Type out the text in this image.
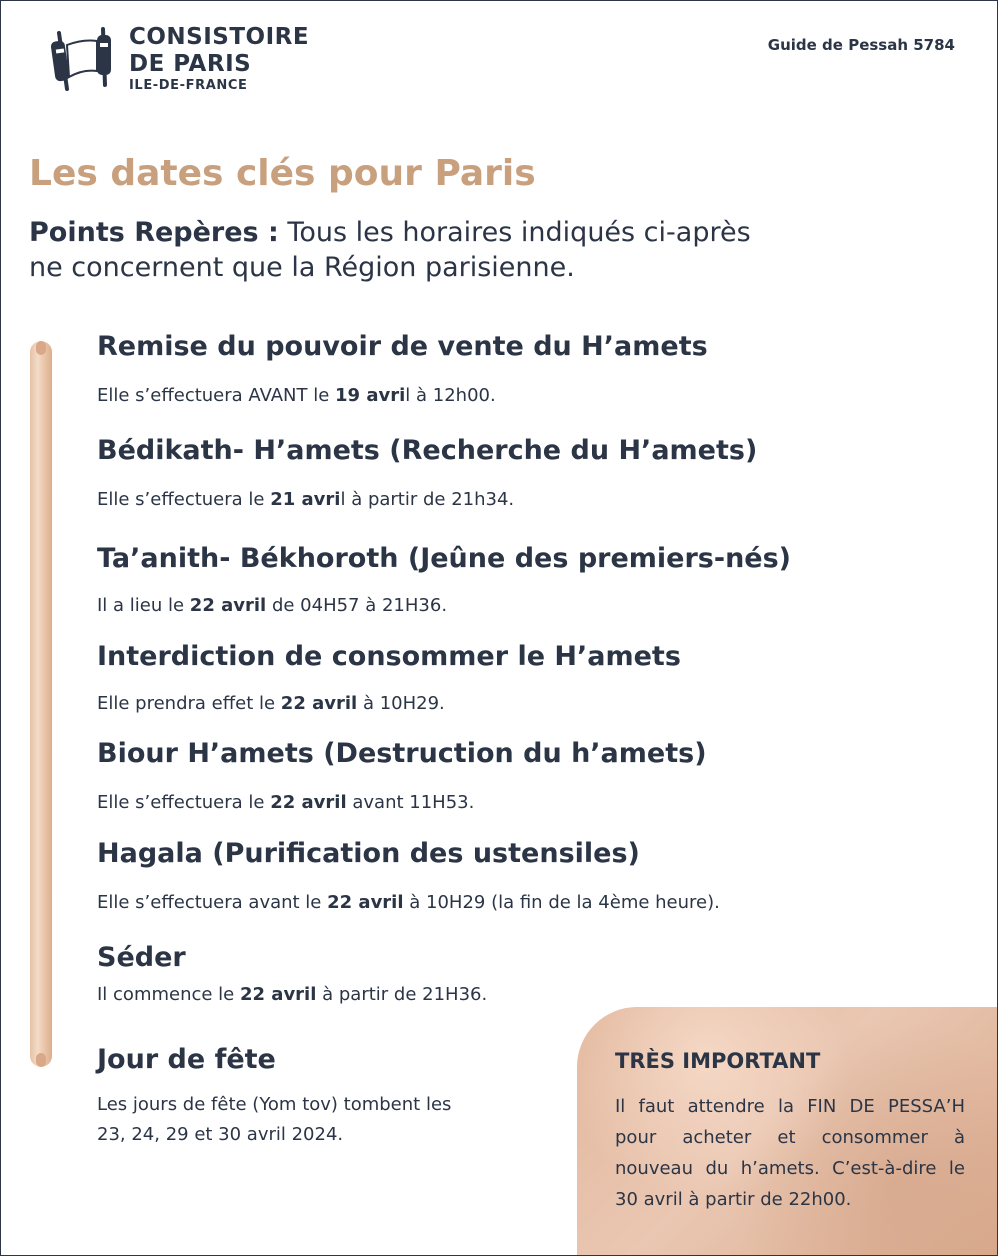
CONSISTOIRE
DE PARIS
ILE-DE-FRANCE
Guide de Pessah 5784
Les dates clés pour Paris

Points Repères : Tous les horaires indiqués ci-après ne concernent que la Région parisienne.

Remise du pouvoir de vente du H’amets

Elle s’effectuera AVANT le 19 avril à 12h00.

Bédikath- H’amets (Recherche du H’amets)

Elle s’effectuera le 21 avril à partir de 21h34.

Ta’anith- Békhoroth (Jeûne des premiers-nés)

Il a lieu le 22 avril de 04H57 à 21H36.

Interdiction de consommer le H’amets

Elle prendra effet le 22 avril à 10H29.

Biour H’amets (Destruction du h’amets)

Elle s’effectuera le 22 avril avant 11H53.

Hagala (Purification des ustensiles)

Elle s’effectuera avant le 22 avril à 10H29 (la fin de la 4ème heure).

Séder

Il commence le 22 avril à partir de 21H36.

Jour de fête

Les jours de fête (Yom tov) tombent les

23, 24, 29 et 30 avril 2024.

TRÈS IMPORTANT

Il faut attendre la FIN DE PESSA’H pour acheter et consommer à nouveau du h’amets. C’est-à-dire le 30 avril à partir de 22h00.
